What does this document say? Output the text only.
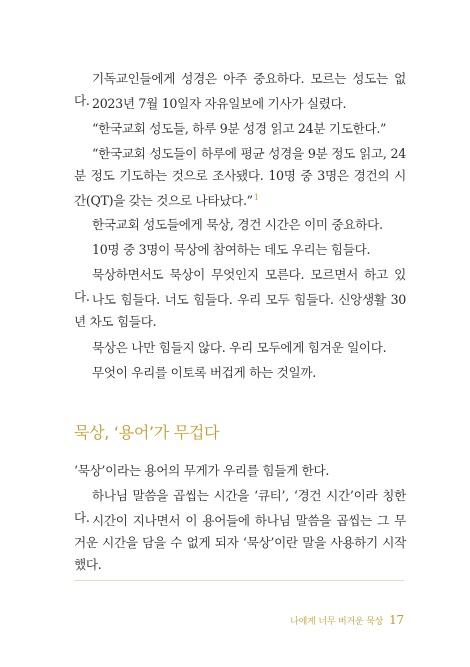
기독교인들에게 성경은 아주 중요하다. 모르는 성도는 없다. 2023년 7월 10일자 자유일보에 기사가 실렸다.

“한국교회 성도들, 하루 9분 성경 읽고 24분 기도한다.”

“한국교회 성도들이 하루에 평균 성경을 9분 정도 읽고, 24분 정도 기도하는 것으로 조사됐다. 10명 중 3명은 경건의 시간(QT)을 갖는 것으로 나타났다.”$^1$

한국교회 성도들에게 묵상, 경건 시간은 이미 중요하다.

10명 중 3명이 묵상에 참여하는 데도 우리는 힘들다.

묵상하면서도 묵상이 무엇인지 모른다. 모르면서 하고 있다. 나도 힘들다. 너도 힘들다. 우리 모두 힘들다. 신앙생활 30년 차도 힘들다.

묵상은 나만 힘들지 않다. 우리 모두에게 힘겨운 일이다.

무엇이 우리를 이토록 버겁게 하는 것일까.

묵상, ‘용어’가 무겁다

‘묵상’이라는 용어의 무게가 우리를 힘들게 한다.

하나님 말씀을 곱씹는 시간을 ‘큐티’, ‘경건 시간’이라 칭한다. 시간이 지나면서 이 용어들에 하나님 말씀을 곱씹는 그 무거운 시간을 담을 수 없게 되자 ‘묵상’이란 말을 사용하기 시작했다.

나에게 너무 버거운 묵상 17
